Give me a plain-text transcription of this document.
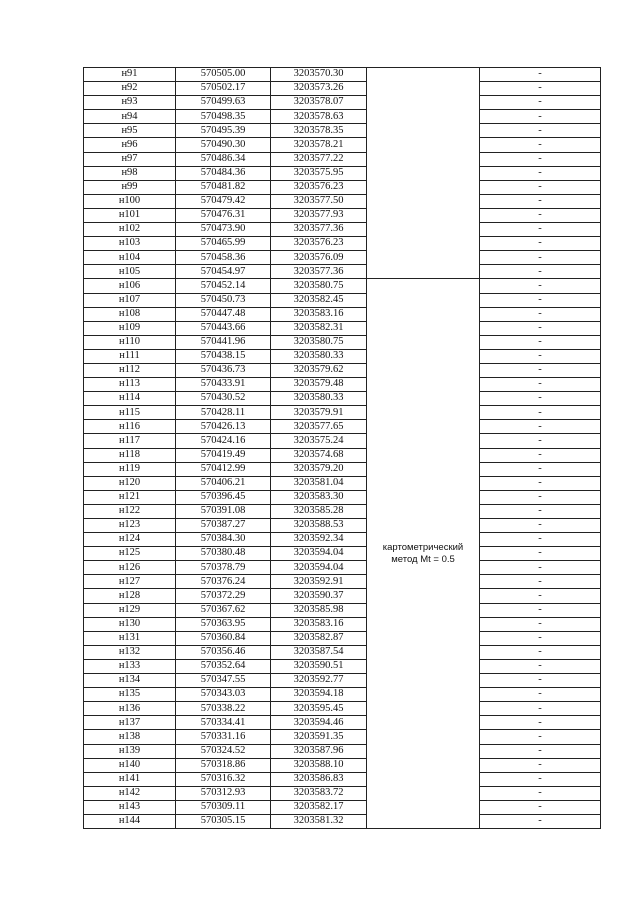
н91	570505.00	3203570.30		-
н92	570502.17	3203573.26		-
н93	570499.63	3203578.07		-
н94	570498.35	3203578.63		-
н95	570495.39	3203578.35		-
н96	570490.30	3203578.21		-
н97	570486.34	3203577.22		-
н98	570484.36	3203575.95		-
н99	570481.82	3203576.23		-
н100	570479.42	3203577.50		-
н101	570476.31	3203577.93		-
н102	570473.90	3203577.36		-
н103	570465.99	3203576.23		-
н104	570458.36	3203576.09		-
н105	570454.97	3203577.36		-
н106	570452.14	3203580.75	картометрический
метод Mt = 0.5	-
н107	570450.73	3203582.45		-
н108	570447.48	3203583.16		-
н109	570443.66	3203582.31		-
н110	570441.96	3203580.75		-
н111	570438.15	3203580.33		-
н112	570436.73	3203579.62		-
н113	570433.91	3203579.48		-
н114	570430.52	3203580.33		-
н115	570428.11	3203579.91		-
н116	570426.13	3203577.65		-
н117	570424.16	3203575.24		-
н118	570419.49	3203574.68		-
н119	570412.99	3203579.20		-
н120	570406.21	3203581.04		-
н121	570396.45	3203583.30		-
н122	570391.08	3203585.28		-
н123	570387.27	3203588.53		-
н124	570384.30	3203592.34		-
н125	570380.48	3203594.04		-
н126	570378.79	3203594.04		-
н127	570376.24	3203592.91		-
н128	570372.29	3203590.37		-
н129	570367.62	3203585.98		-
н130	570363.95	3203583.16		-
н131	570360.84	3203582.87		-
н132	570356.46	3203587.54		-
н133	570352.64	3203590.51		-
н134	570347.55	3203592.77		-
н135	570343.03	3203594.18		-
н136	570338.22	3203595.45		-
н137	570334.41	3203594.46		-
н138	570331.16	3203591.35		-
н139	570324.52	3203587.96		-
н140	570318.86	3203588.10		-
н141	570316.32	3203586.83		-
н142	570312.93	3203583.72		-
н143	570309.11	3203582.17		-
н144	570305.15	3203581.32		-
